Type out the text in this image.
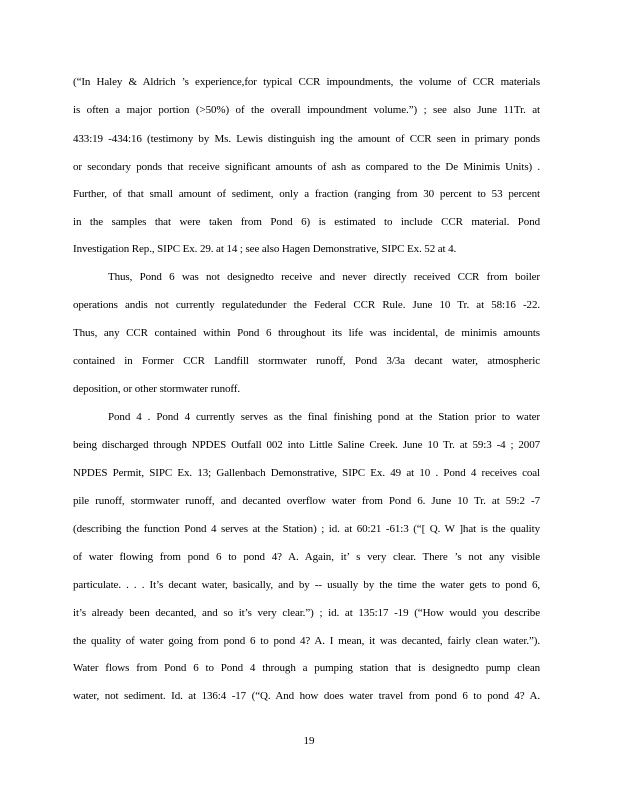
(“In Haley & Aldrich ’s experience,for typical CCR impoundments, the volume of CCR materials
is often a major portion (>50%) of the overall impoundment volume.”) ; see also June 11Tr. at
433:19 ‑434:16 (testimony by Ms. Lewis distinguish ing the amount of CCR seen in primary ponds
or secondary ponds that receive significant amounts of ash as compared to the De Minimis Units) .
Further, of that small amount of sediment, only a fraction (ranging from 30 percent to 53 percent
in the samples that were taken from Pond 6) is estimated to include CCR material. Pond
Investigation Rep., SIPC Ex. 29. at 14 ; see also Hagen Demonstrative, SIPC Ex. 52 at 4.
Thus, Pond 6 was not designedto receive and never directly received CCR from boiler
operations andis not currently regulatedunder the Federal CCR Rule. June 10 Tr. at 58:16 ‑22.
Thus, any CCR contained within Pond 6 throughout its life was incidental, de minimis amounts
contained in Former CCR Landfill stormwater runoff, Pond 3/3a decant water, atmospheric
deposition, or other stormwater runoff.
Pond 4 . Pond 4 currently serves as the final finishing pond at the Station prior to water
being discharged through NPDES Outfall 002 into Little Saline Creek. June 10 Tr. at 59:3 ‑4 ; 2007
NPDES Permit, SIPC Ex. 13; Gallenbach Demonstrative, SIPC Ex. 49 at 10 . Pond 4 receives coal
pile runoff, stormwater runoff, and decanted overflow water from Pond 6. June 10 Tr. at 59:2 ‑7
(describing the function Pond 4 serves at the Station) ; id. at 60:21 ‑61:3 (“[ Q. W ]hat is the quality
of water flowing from pond 6 to pond 4? A. Again, it’ s very clear. There ’s not any visible
particulate. . . . It’s decant water, basically, and by -- usually by the time the water gets to pond 6,
it’s already been decanted, and so it’s very clear.”) ; id. at 135:17 ‑19 (“How would you describe
the quality of water going from pond 6 to pond 4? A. I mean, it was decanted, fairly clean water.”).
Water flows from Pond 6 to Pond 4 through a pumping station that is designedto pump clean
water, not sediment. Id. at 136:4 ‑17 (“Q. And how does water travel from pond 6 to pond 4? A.
19
